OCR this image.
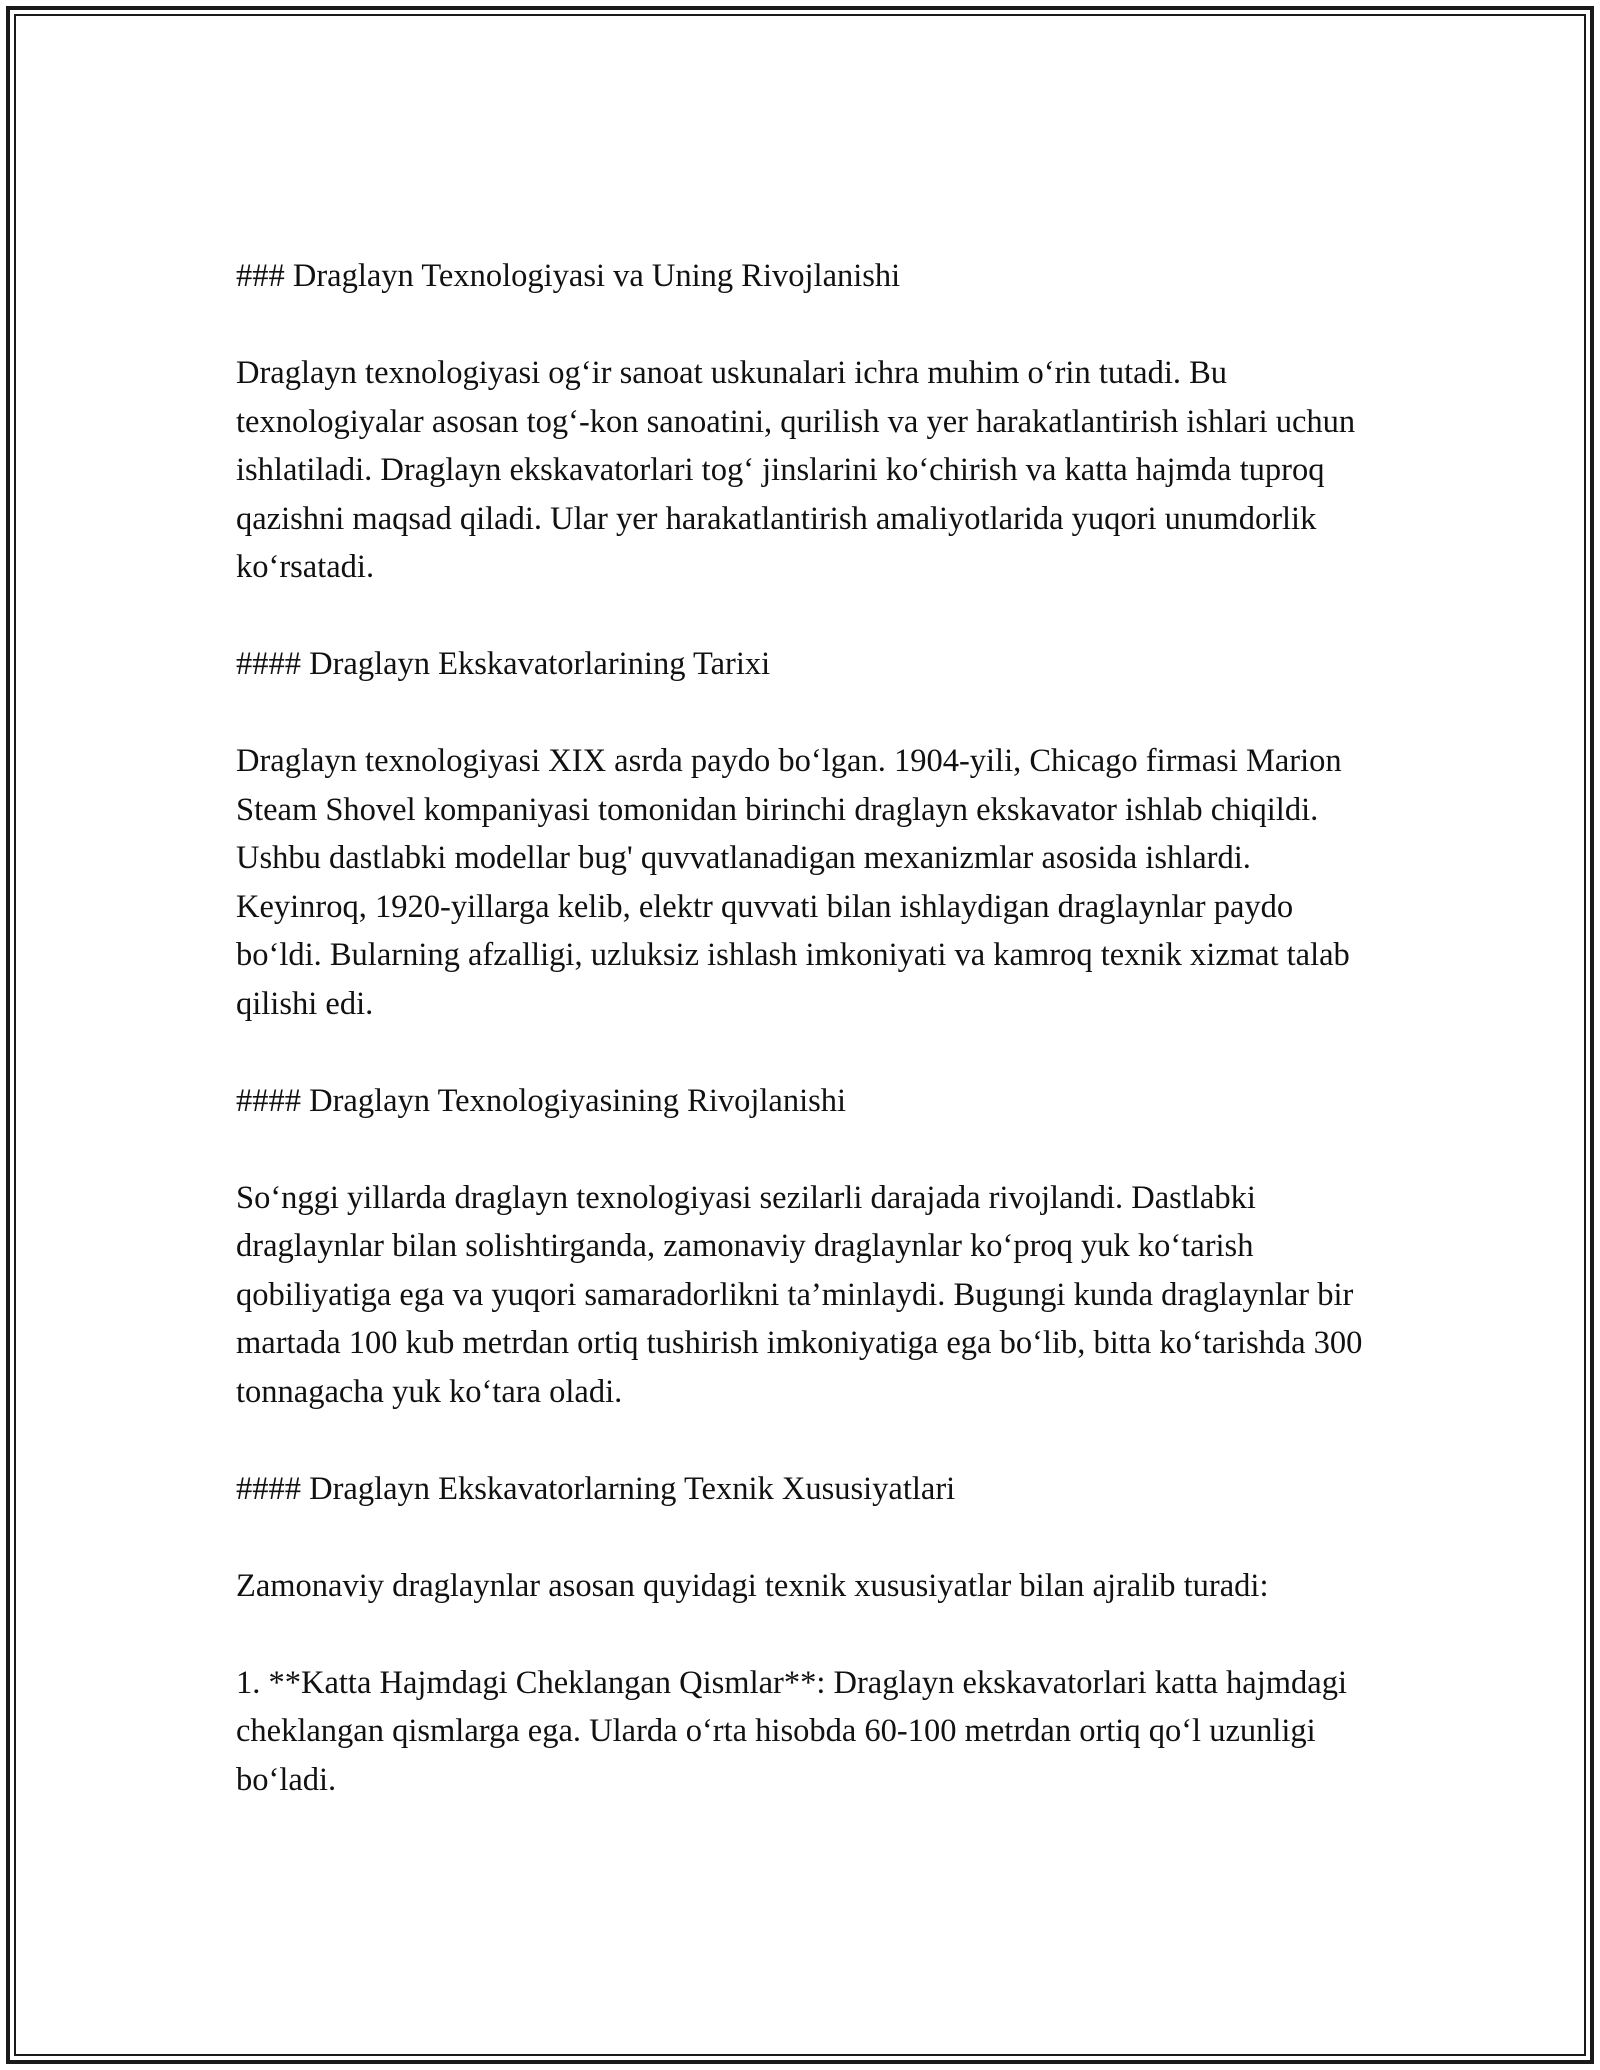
### Draglayn Texnologiyasi va Uning Rivojlanishi

Draglayn texnologiyasi og‘ir sanoat uskunalari ichra muhim o‘rin tutadi. Bu texnologiyalar asosan tog‘-kon sanoatini, qurilish va yer harakatlantirish ishlari uchun ishlatiladi. Draglayn ekskavatorlari tog‘ jinslarini ko‘chirish va katta hajmda tuproq qazishni maqsad qiladi. Ular yer harakatlantirish amaliyotlarida yuqori unumdorlik ko‘rsatadi.

#### Draglayn Ekskavatorlarining Tarixi

Draglayn texnologiyasi XIX asrda paydo bo‘lgan. 1904-yili, Chicago firmasi Marion Steam Shovel kompaniyasi tomonidan birinchi draglayn ekskavator ishlab chiqildi. Ushbu dastlabki modellar bug' quvvatlanadigan mexanizmlar asosida ishlardi. Keyinroq, 1920-yillarga kelib, elektr quvvati bilan ishlaydigan draglaynlar paydo bo‘ldi. Bularning afzalligi, uzluksiz ishlash imkoniyati va kamroq texnik xizmat talab qilishi edi.

#### Draglayn Texnologiyasining Rivojlanishi

So‘nggi yillarda draglayn texnologiyasi sezilarli darajada rivojlandi. Dastlabki draglaynlar bilan solishtirganda, zamonaviy draglaynlar ko‘proq yuk ko‘tarish qobiliyatiga ega va yuqori samaradorlikni ta’minlaydi. Bugungi kunda draglaynlar bir martada 100 kub metrdan ortiq tushirish imkoniyatiga ega bo‘lib, bitta ko‘tarishda 300 tonnagacha yuk ko‘tara oladi.

#### Draglayn Ekskavatorlarning Texnik Xususiyatlari

Zamonaviy draglaynlar asosan quyidagi texnik xususiyatlar bilan ajralib turadi:

1. **Katta Hajmdagi Cheklangan Qismlar**: Draglayn ekskavatorlari katta hajmdagi cheklangan qismlarga ega. Ularda o‘rta hisobda 60-100 metrdan ortiq qo‘l uzunligi bo‘ladi.
